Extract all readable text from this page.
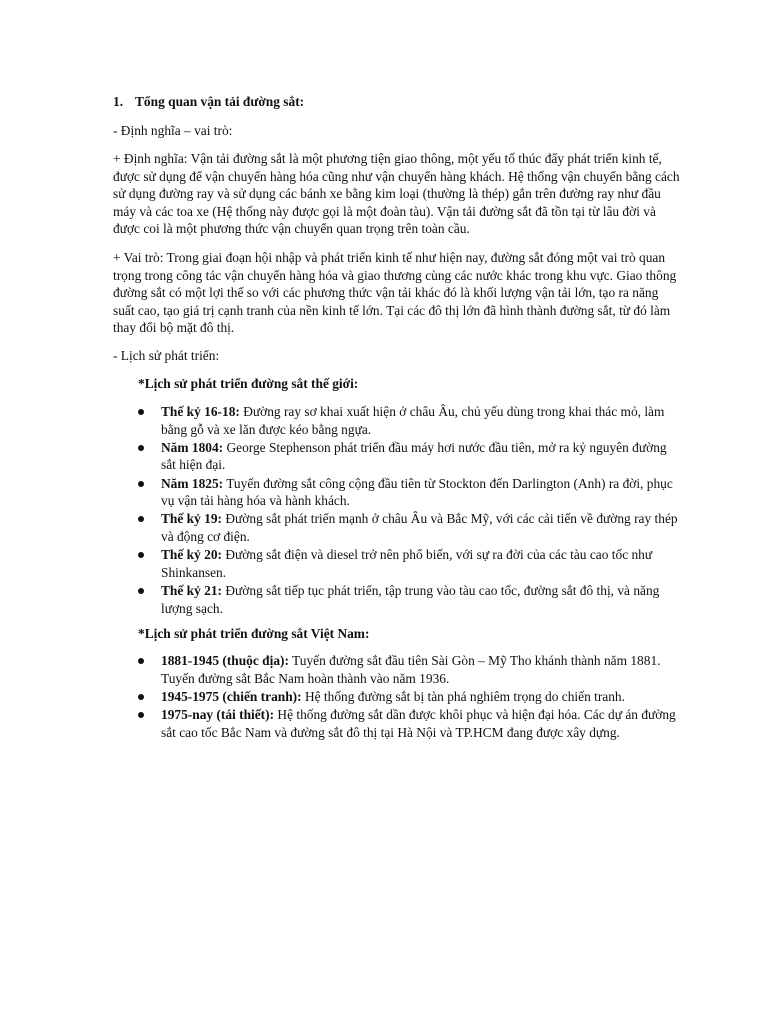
1. Tổng quan vận tải đường sắt:

- Định nghĩa – vai trò:

+ Định nghĩa: Vận tải đường sắt là một phương tiện giao thông, một yếu tố thúc đẩy phát triển kinh tế, được sử dụng để vận chuyển hàng hóa cũng như vận chuyển hàng khách. Hệ thống vận chuyển bằng cách sử dụng đường ray và sử dụng các bánh xe bằng kim loại (thường là thép) gắn trên đường ray như đầu máy và các toa xe (Hệ thống này được gọi là một đoàn tàu). Vận tải đường sắt đã tồn tại từ lâu đời và được coi là một phương thức vận chuyển quan trọng trên toàn cầu.

+ Vai trò: Trong giai đoạn hội nhập và phát triển kinh tế như hiện nay, đường sắt đóng một vai trò quan trọng trong công tác vận chuyển hàng hóa và giao thương cùng các nước khác trong khu vực. Giao thông đường sắt có một lợi thế so với các phương thức vận tải khác đó là khối lượng vận tải lớn, tạo ra năng suất cao, tạo giá trị cạnh tranh của nền kinh tế lớn. Tại các đô thị lớn đã hình thành đường sắt, từ đó làm thay đổi bộ mặt đô thị.

- Lịch sử phát triển:

*Lịch sử phát triển đường sắt thế giới:

Thế kỷ 16-18: Đường ray sơ khai xuất hiện ở châu Âu, chủ yếu dùng trong khai thác mỏ, làm bằng gỗ và xe lăn được kéo bằng ngựa.
Năm 1804: George Stephenson phát triển đầu máy hơi nước đầu tiên, mở ra kỷ nguyên đường sắt hiện đại.
Năm 1825: Tuyến đường sắt công cộng đầu tiên từ Stockton đến Darlington (Anh) ra đời, phục vụ vận tải hàng hóa và hành khách.
Thế kỷ 19: Đường sắt phát triển mạnh ở châu Âu và Bắc Mỹ, với các cải tiến về đường ray thép và động cơ điện.
Thế kỷ 20: Đường sắt điện và diesel trở nên phổ biến, với sự ra đời của các tàu cao tốc như Shinkansen.
Thế kỷ 21: Đường sắt tiếp tục phát triển, tập trung vào tàu cao tốc, đường sắt đô thị, và năng lượng sạch.

*Lịch sử phát triển đường sắt Việt Nam:

1881-1945 (thuộc địa): Tuyến đường sắt đầu tiên Sài Gòn – Mỹ Tho khánh thành năm 1881. Tuyến đường sắt Bắc Nam hoàn thành vào năm 1936.
1945-1975 (chiến tranh): Hệ thống đường sắt bị tàn phá nghiêm trọng do chiến tranh.
1975-nay (tái thiết): Hệ thống đường sắt dần được khôi phục và hiện đại hóa. Các dự án đường sắt cao tốc Bắc Nam và đường sắt đô thị tại Hà Nội và TP.HCM đang được xây dựng.
